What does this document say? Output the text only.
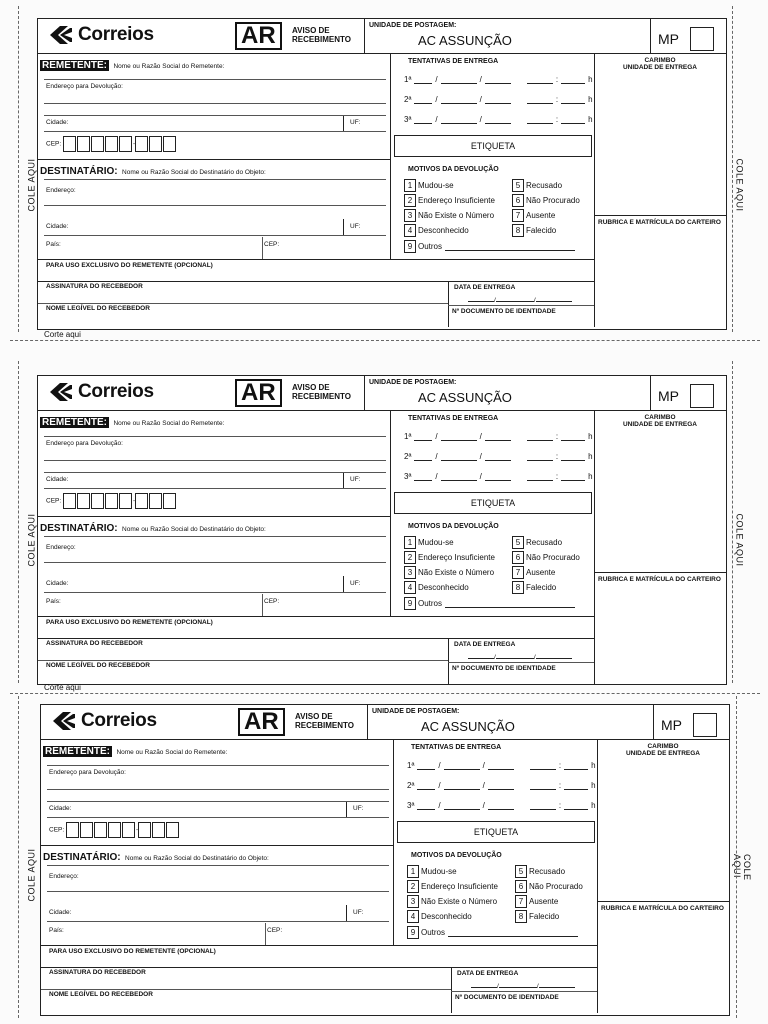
Correios	AR	AVISO DE
RECEBIMENTO
UNIDADE DE POSTAGEM:
AC ASSUNÇÃO	MP
REMETENTE: Nome ou Razão Social do Remetente:
Endereço para Devolução:
Cidade:	UF:
CEP:	-
DESTINATÁRIO: Nome ou Razão Social do Destinatário do Objeto:
Endereço:
Cidade:	UF:
País:	CEP:
PARA USO EXCLUSIVO DO REMETENTE (OPCIONAL)
ASSINATURA DO RECEBEDOR	DATA DE ENTREGA
/	/
NOME LEGÍVEL DO RECEBEDOR	Nº DOCUMENTO DE IDENTIDADE
TENTATIVAS DE ENTREGA
1ª	/	/	:	h
2ª	/	/	:	h
3ª	/	/	:	h
ETIQUETA
MOTIVOS DA DEVOLUÇÃO
1 Mudou-se	5 Recusado
2 Endereço Insuficiente	6 Não Procurado
3 Não Existe o Número	7 Ausente
4 Desconhecido	8 Falecido
9 Outros
CARIMBO
UNIDADE DE ENTREGA
RUBRICA E MATRÍCULA DO CARTEIRO
COLE AQUI	COLE AQUI
Corte aqui
Correios	AR	AVISO DE
RECEBIMENTO
UNIDADE DE POSTAGEM:
AC ASSUNÇÃO	MP
REMETENTE: Nome ou Razão Social do Remetente:
Endereço para Devolução:
Cidade:	UF:
CEP:	-
DESTINATÁRIO: Nome ou Razão Social do Destinatário do Objeto:
Endereço:
Cidade:	UF:
País:	CEP:
PARA USO EXCLUSIVO DO REMETENTE (OPCIONAL)
ASSINATURA DO RECEBEDOR	DATA DE ENTREGA
/	/
NOME LEGÍVEL DO RECEBEDOR	Nº DOCUMENTO DE IDENTIDADE
TENTATIVAS DE ENTREGA
1ª	/	/	:	h
2ª	/	/	:	h
3ª	/	/	:	h
ETIQUETA
MOTIVOS DA DEVOLUÇÃO
1 Mudou-se	5 Recusado
2 Endereço Insuficiente	6 Não Procurado
3 Não Existe o Número	7 Ausente
4 Desconhecido	8 Falecido
9 Outros
CARIMBO
UNIDADE DE ENTREGA
RUBRICA E MATRÍCULA DO CARTEIRO
COLE AQUI	COLE AQUI
Corte aqui
Correios	AR	AVISO DE
RECEBIMENTO
UNIDADE DE POSTAGEM:
AC ASSUNÇÃO	MP
REMETENTE: Nome ou Razão Social do Remetente:
Endereço para Devolução:
Cidade:	UF:
CEP:	-
DESTINATÁRIO: Nome ou Razão Social do Destinatário do Objeto:
Endereço:
Cidade:	UF:
País:	CEP:
PARA USO EXCLUSIVO DO REMETENTE (OPCIONAL)
ASSINATURA DO RECEBEDOR	DATA DE ENTREGA
/	/
NOME LEGÍVEL DO RECEBEDOR	Nº DOCUMENTO DE IDENTIDADE
TENTATIVAS DE ENTREGA
1ª	/	/	:	h
2ª	/	/	:	h
3ª	/	/	:	h
ETIQUETA
MOTIVOS DA DEVOLUÇÃO
1 Mudou-se	5 Recusado
2 Endereço Insuficiente	6 Não Procurado
3 Não Existe o Número	7 Ausente
4 Desconhecido	8 Falecido
9 Outros
CARIMBO
UNIDADE DE ENTREGA
RUBRICA E MATRÍCULA DO CARTEIRO
COLE AQUI	COLE AQUI
